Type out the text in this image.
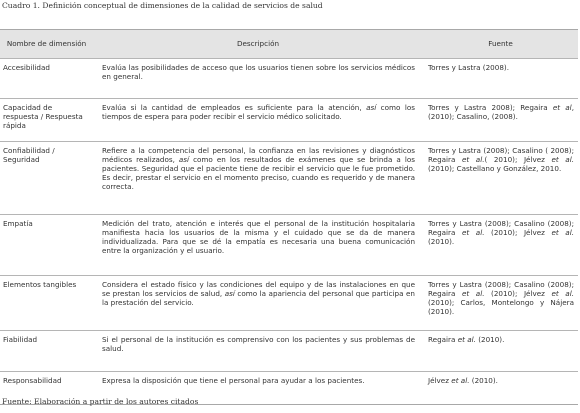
Cuadro 1. Definición conceptual de dimensiones de la calidad de servicios de salud
Nombre de dimensión	Descripción	Fuente
Accesibilidad	Evalúa las posibilidades de acceso que los usuarios tienen sobre los servicios médicos en general.	Torres y Lastra (2008).
Capacidad de respuesta / Respuesta rápida	Evalúa si la cantidad de empleados es suficiente para la atención, así como los tiempos de espera para poder recibir el servicio médico solicitado.	Torres y Lastra 2008); Regaira et al, (2010); Casalino, (2008).
Confiabilidad / Seguridad	Refiere a la competencia del personal, la confianza en las revisiones y diagnósticos médicos realizados, así como en los resultados de exámenes que se brinda a los pacientes. Seguridad que el paciente tiene de recibir el servicio que le fue prometido. Es decir, prestar el servicio en el momento preciso, cuando es requerido y de manera correcta.	Torres y Lastra (2008); Casalino ( 2008); Regaira et al.( 2010); Jélvez et al. (2010); Castellano y González, 2010.
Empatía	Medición del trato, atención e interés que el personal de la institución hospitalaria manifiesta hacia los usuarios de la misma y el cuidado que se da de manera individualizada. Para que se dé la empatía es necesaria una buena comunicación entre la organización y el usuario.	Torres y Lastra (2008); Casalino (2008); Regaira et al. (2010); Jélvez et al.(2010).
Elementos tangibles	Considera el estado físico y las condiciones del equipo y de las instalaciones en que se prestan los servicios de salud, así como la apariencia del personal que participa en la prestación del servicio.	Torres y Lastra (2008); Casalino (2008); Regaira et al. (2010); Jélvez et al. (2010); Carlos, Montelongo y Nájera (2010).
Fiabilidad	Si el personal de la institución es comprensivo con los pacientes y sus problemas de salud.	Regaira et al. (2010).
Responsabilidad	Expresa la disposición que tiene el personal para ayudar a los pacientes.	Jélvez et al. (2010).
Fuente: Elaboración a partir de los autores citados
